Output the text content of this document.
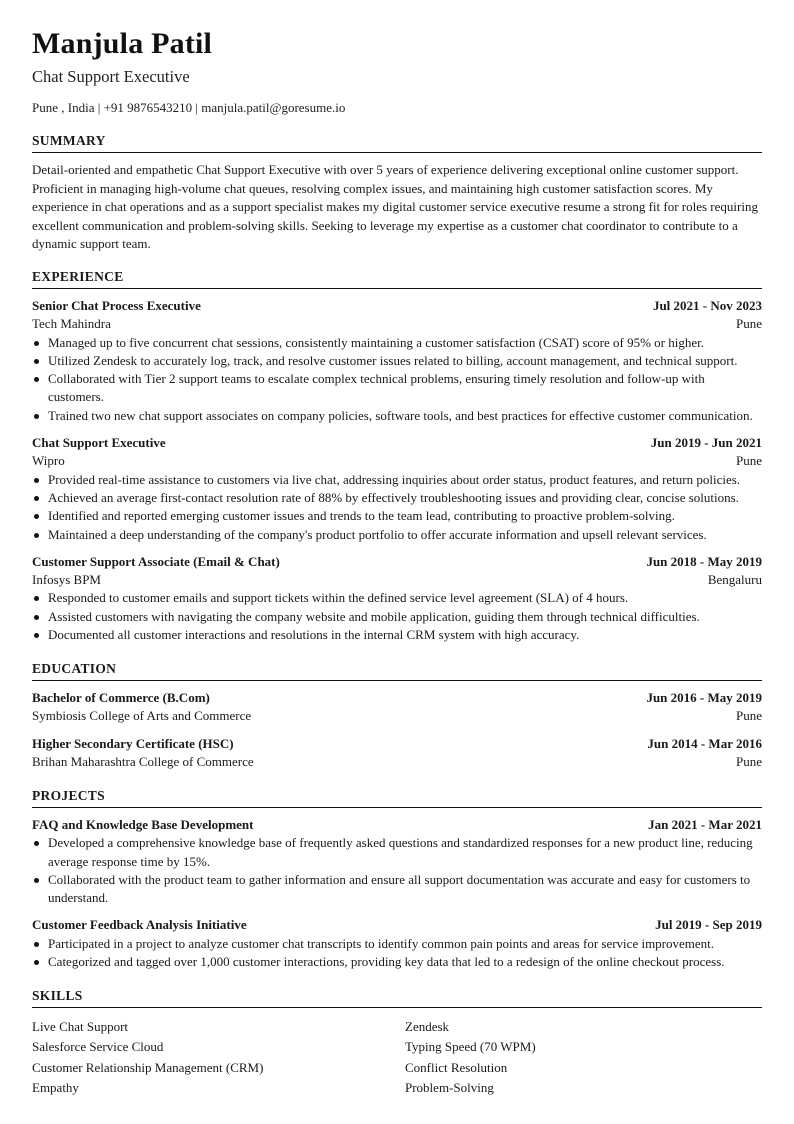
Manjula Patil
Chat Support Executive
Pune , India | +91 9876543210 | manjula.patil@goresume.io
SUMMARY

Detail-oriented and empathetic Chat Support Executive with over 5 years of experience delivering exceptional online customer support. Proficient in managing high-volume chat queues, resolving complex issues, and maintaining high customer satisfaction scores. My experience in chat operations and as a support specialist makes my digital customer service executive resume a strong fit for roles requiring excellent communication and problem-solving skills. Seeking to leverage my expertise as a customer chat coordinator to contribute to a dynamic support team.

EXPERIENCE
Senior Chat Process Executive	Jul 2021 - Nov 2023
Tech Mahindra	Pune
Managed up to five concurrent chat sessions, consistently maintaining a customer satisfaction (CSAT) score of 95% or higher.
Utilized Zendesk to accurately log, track, and resolve customer issues related to billing, account management, and technical support.
Collaborated with Tier 2 support teams to escalate complex technical problems, ensuring timely resolution and follow-up with customers.
Trained two new chat support associates on company policies, software tools, and best practices for effective customer communication.
Chat Support Executive	Jun 2019 - Jun 2021
Wipro	Pune
Provided real-time assistance to customers via live chat, addressing inquiries about order status, product features, and return policies.
Achieved an average first-contact resolution rate of 88% by effectively troubleshooting issues and providing clear, concise solutions.
Identified and reported emerging customer issues and trends to the team lead, contributing to proactive problem-solving.
Maintained a deep understanding of the company's product portfolio to offer accurate information and upsell relevant services.
Customer Support Associate (Email & Chat)	Jun 2018 - May 2019
Infosys BPM	Bengaluru
Responded to customer emails and support tickets within the defined service level agreement (SLA) of 4 hours.
Assisted customers with navigating the company website and mobile application, guiding them through technical difficulties.
Documented all customer interactions and resolutions in the internal CRM system with high accuracy.
EDUCATION
Bachelor of Commerce (B.Com)	Jun 2016 - May 2019
Symbiosis College of Arts and Commerce	Pune
Higher Secondary Certificate (HSC)	Jun 2014 - Mar 2016
Brihan Maharashtra College of Commerce	Pune
PROJECTS
FAQ and Knowledge Base Development	Jan 2021 - Mar 2021
Developed a comprehensive knowledge base of frequently asked questions and standardized responses for a new product line, reducing average response time by 15%.
Collaborated with the product team to gather information and ensure all support documentation was accurate and easy for customers to understand.
Customer Feedback Analysis Initiative	Jul 2019 - Sep 2019
Participated in a project to analyze customer chat transcripts to identify common pain points and areas for service improvement.
Categorized and tagged over 1,000 customer interactions, providing key data that led to a redesign of the online checkout process.
SKILLS
Live Chat Support	Zendesk
Salesforce Service Cloud	Typing Speed (70 WPM)
Customer Relationship Management (CRM)	Conflict Resolution
Empathy	Problem-Solving
